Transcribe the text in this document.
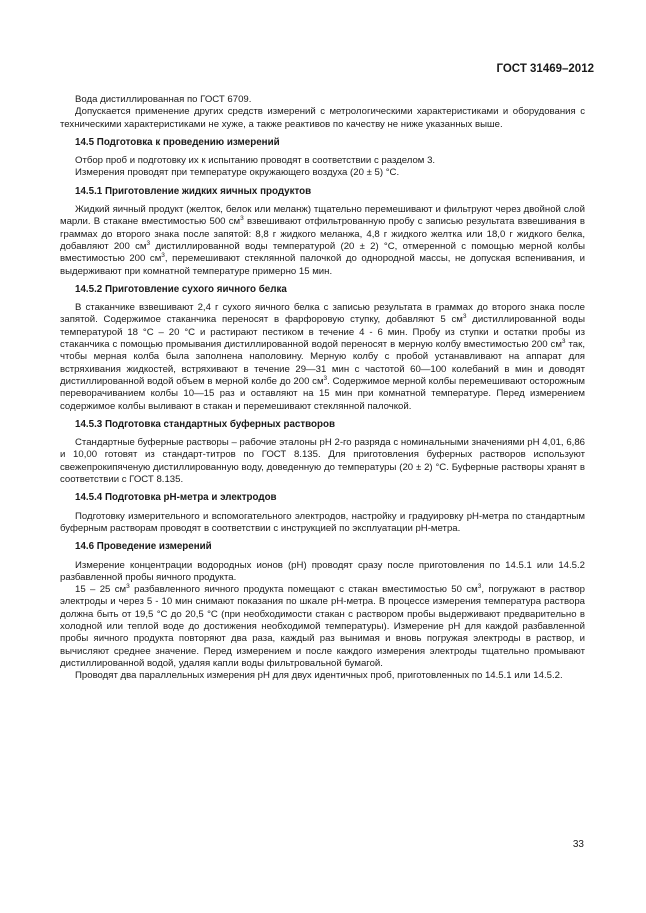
ГОСТ 31469–2012

Вода дистиллированная по ГОСТ 6709.

Допускается применение других средств измерений с метрологическими характеристиками и оборудования с техническими характеристиками не хуже, а также реактивов по качеству не ниже указанных выше.

14.5 Подготовка к проведению измерений

Отбор проб и подготовку их к испытанию проводят в соответствии с разделом 3.

Измерения проводят при температуре окружающего воздуха (20 ± 5) °С.

14.5.1 Приготовление жидких яичных продуктов

Жидкий яичный продукт (желток, белок или меланж) тщательно перемешивают и фильтруют через двойной слой марли. В стакане вместимостью 500 $см^3$ взвешивают отфильтрованную пробу с записью результата взвешивания в граммах до второго знака после запятой: 8,8 г жидкого меланжа, 4,8 г жидкого желтка или 18,0 г жидкого белка, добавляют 200 $см^3$ дистиллированной воды температурой (20 ± 2) °С, отмеренной с помощью мерной колбы вместимостью 200 $см^3$, перемешивают стеклянной палочкой до однородной массы, не допуская вспенивания, и выдерживают при комнатной температуре примерно 15 мин.

14.5.2 Приготовление сухого яичного белка

В стаканчике взвешивают 2,4 г сухого яичного белка с записью результата в граммах до второго знака после запятой. Содержимое стаканчика переносят в фарфоровую ступку, добавляют 5 $см^3$ дистиллированной воды температурой 18 °С – 20 °С и растирают пестиком в течение 4 - 6 мин. Пробу из ступки и остатки пробы из стаканчика с помощью промывания дистиллированной водой переносят в мерную колбу вместимостью 200 $см^3$ так, чтобы мерная колба была заполнена наполовину. Мерную колбу с пробой устанавливают на аппарат для встряхивания жидкостей, встряхивают в течение 29—31 мин с частотой 60—100 колебаний в мин и доводят дистиллированной водой объем в мерной колбе до 200 $см^3$. Содержимое мерной колбы перемешивают осторожным переворачиванием колбы 10—15 раз и оставляют на 15 мин при комнатной температуре. Перед измерением содержимое колбы выливают в стакан и перемешивают стеклянной палочкой.

14.5.3 Подготовка стандартных буферных растворов

Стандартные буферные растворы – рабочие эталоны рН 2-го разряда с номинальными значениями рН 4,01, 6,86 и 10,00 готовят из стандарт-титров по ГОСТ 8.135. Для приготовления буферных растворов используют свежепрокипяченую дистиллированную воду, доведенную до температуры (20 ± 2) °С. Буферные растворы хранят в соответствии с ГОСТ 8.135.

14.5.4 Подготовка рН-метра и электродов

Подготовку измерительного и вспомогательного электродов, настройку и градуировку рН-метра по стандартным буферным растворам проводят в соответствии с инструкцией по эксплуатации рН-метра.

14.6 Проведение измерений

Измерение концентрации водородных ионов (рН) проводят сразу после приготовления по 14.5.1 или 14.5.2 разбавленной пробы яичного продукта.

15 – 25 $см^3$ разбавленного яичного продукта помещают с стакан вместимостью 50 $см^3$, погружают в раствор электроды и через 5 - 10 мин снимают показания по шкале рН-метра. В процессе измерения температура раствора должна быть от 19,5 °С до 20,5 °С (при необходимости стакан с раствором пробы выдерживают предварительно в холодной или теплой воде до достижения необходимой температуры). Измерение рН для каждой разбавленной пробы яичного продукта повторяют два раза, каждый раз вынимая и вновь погружая электроды в раствор, и вычисляют среднее значение. Перед измерением и после каждого измерения электроды тщательно промывают дистиллированной водой, удаляя капли воды фильтровальной бумагой.

Проводят два параллельных измерения рН для двух идентичных проб, приготовленных по 14.5.1 или 14.5.2.

33
